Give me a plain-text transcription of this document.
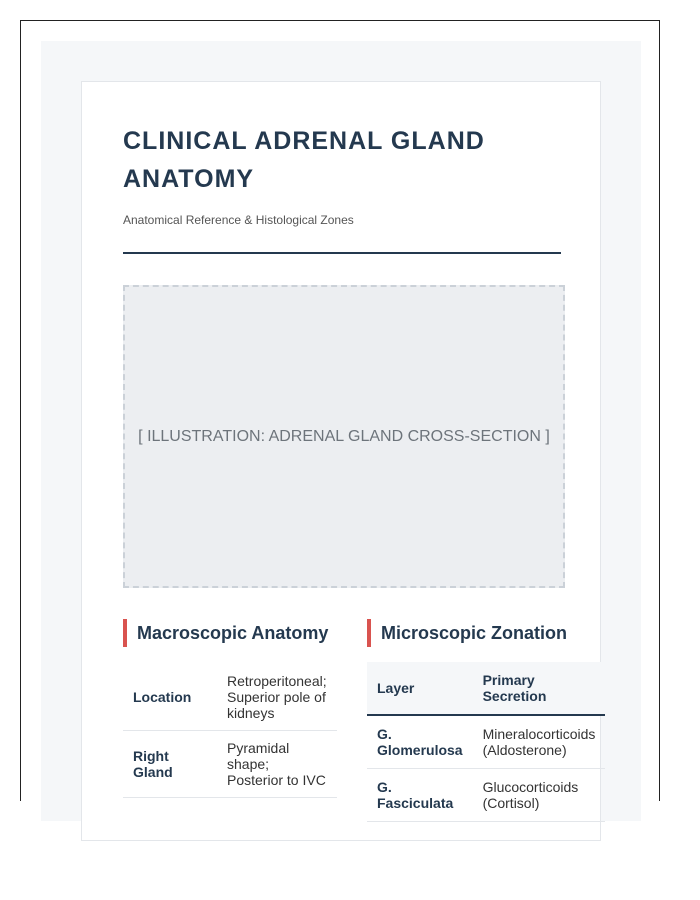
CLINICAL ADRENAL GLAND ANATOMY
Anatomical Reference & Histological Zones
[ ILLUSTRATION: ADRENAL GLAND CROSS-SECTION ]
Macroscopic Anatomy
Location	Retroperitoneal; Superior pole of kidneys
Right Gland	Pyramidal shape; Posterior to IVC
Microscopic Zonation
Layer	Primary Secretion
G. Glomerulosa	Mineralocorticoids (Aldosterone)
G. Fasciculata	Glucocorticoids (Cortisol)
